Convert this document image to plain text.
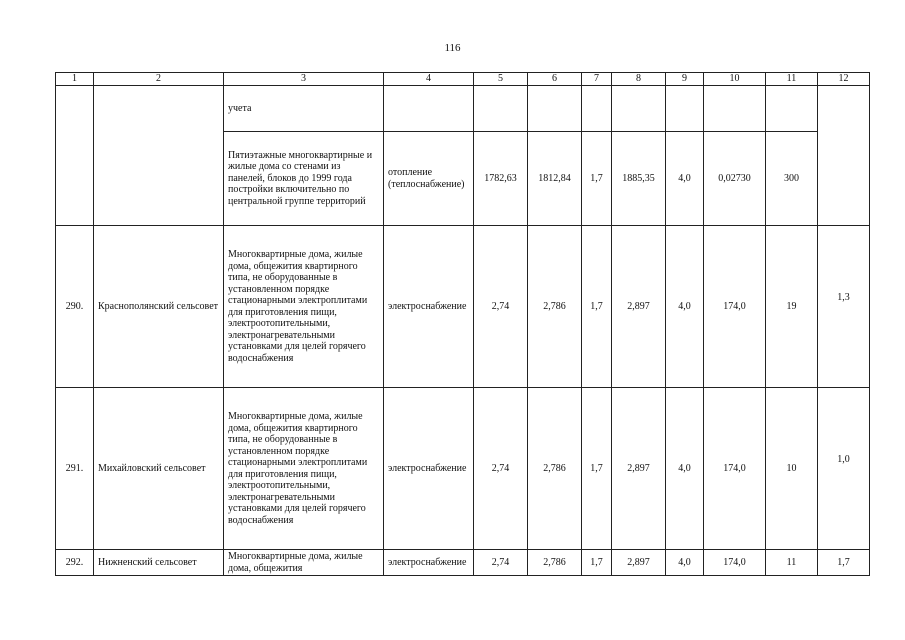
116
1	2	3	4	5	6	7	8	9	10	11	12
		учета									
		Пятиэтажные многоквартирные и жилые дома со стенами из панелей, блоков до 1999 года постройки включительно по центральной группе территорий	отопление (теплоснабжение)	1782,63	1812,84	1,7	1885,35	4,0	0,02730	300	
290.	Краснополянский сельсовет	Многоквартирные дома, жилые дома, общежития квартирного типа, не оборудованные в установленном порядке стационарными электроплитами для приготовления пищи, электроотопительными, электронагревательными установками для целей горячего водоснабжения	электроснабжение	2,74	2,786	1,7	2,897	4,0	174,0	19	1,3
291.	Михайловский сельсовет	Многоквартирные дома, жилые дома, общежития квартирного типа, не оборудованные в установленном порядке стационарными электроплитами для приготовления пищи, электроотопительными, электронагревательными установками для целей горячего водоснабжения	электроснабжение	2,74	2,786	1,7	2,897	4,0	174,0	10	1,0
292.	Нижненский сельсовет	Многоквартирные дома, жилые дома, общежития	электроснабжение	2,74	2,786	1,7	2,897	4,0	174,0	11	1,7
